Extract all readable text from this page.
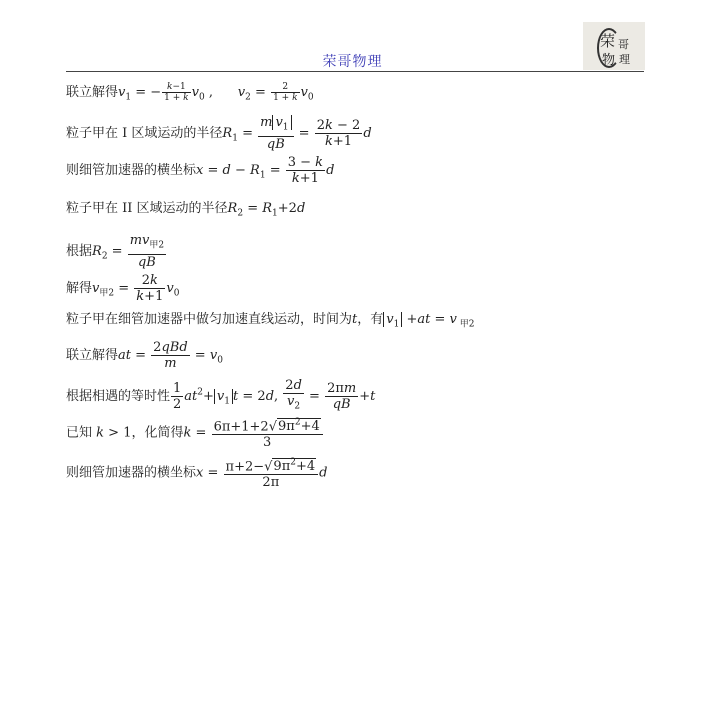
荣哥物理
荣 哥
物 理
联立解得$v_1$ = − $\frac{k-1}{1 + k} v_0$ ,      $v_2 = \frac{2}{1 + k} v_0$
粒子甲在 I 区域运动的半径$R_1 = \frac{m v_1}{qB} = \frac{2k - 2}{k+1}$ d
则细管加速器的横坐标$x = d - R_1 = \frac{3 - k}{k+1}$ d
粒子甲在 II 区域运动的半径$R_2 = R_1+2d$
根据$R_2 = \frac{mv_{甲2}}{qB}$
解得$v_{甲2} = \frac{2k}{k+1} v_0$
粒子甲在细管加速器中做匀加速直线运动，时间为t，有 $v_1 +at = v$ $_{甲2}$
联立解得at = $\frac{\text{2qBd}}{m} = v_0$
根据相遇的等时性 $\frac{1}{2} at^2+ v_1$ t = 2d, $\frac{2d}{v_2} = \frac{2\pi m}{qB} +t$
已知 k > 1，化简得$k = \frac{6\pi+1+2√9\pi^2+4}{3}$
则细管加速器的横坐标$x = \frac{\pi+2-√9\pi^2+4}{2\pi}$ d
